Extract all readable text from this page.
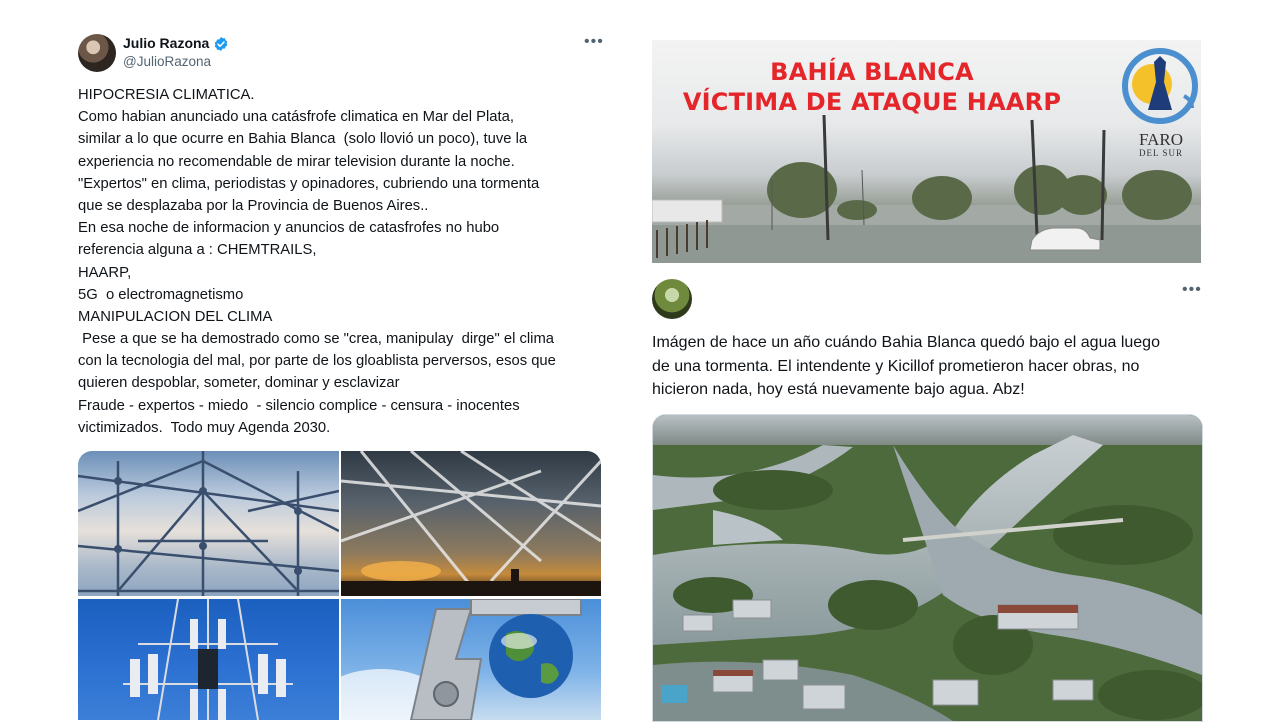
Julio Razona
@JulioRazona
•••
HIPOCRESIA CLIMATICA.
Como habian anunciado una catásfrofe climatica en Mar del Plata,
similar a lo que ocurre en Bahia Blanca  (solo llovió un poco), tuve la
experiencia no recomendable de mirar television durante la noche.
"Expertos" en clima, periodistas y opinadores, cubriendo una tormenta
que se desplazaba por la Provincia de Buenos Aires..
En esa noche de informacion y anuncios de catasfrofes no hubo
referencia alguna a : CHEMTRAILS,
HAARP,
5G  o electromagnetismo
MANIPULACION DEL CLIMA
Pese a que se ha demostrado como se "crea, manipulay  dirge" el clima
con la tecnologia del mal, por parte de los gloablista perversos, esos que
quieren despoblar, someter, dominar y esclavizar
Fraude - expertos - miedo  - silencio complice - censura - inocentes
victimizados.  Todo muy Agenda 2030.
BAHÍA BLANCA
VÍCTIMA DE ATAQUE HAARP
FARO
DEL SUR
•••
Imágen de hace un año cuándo Bahia Blanca quedó bajo el agua luego
de una tormenta. El intendente y Kicillof prometieron hacer obras, no
hicieron nada, hoy está nuevamente bajo agua. Abz!
